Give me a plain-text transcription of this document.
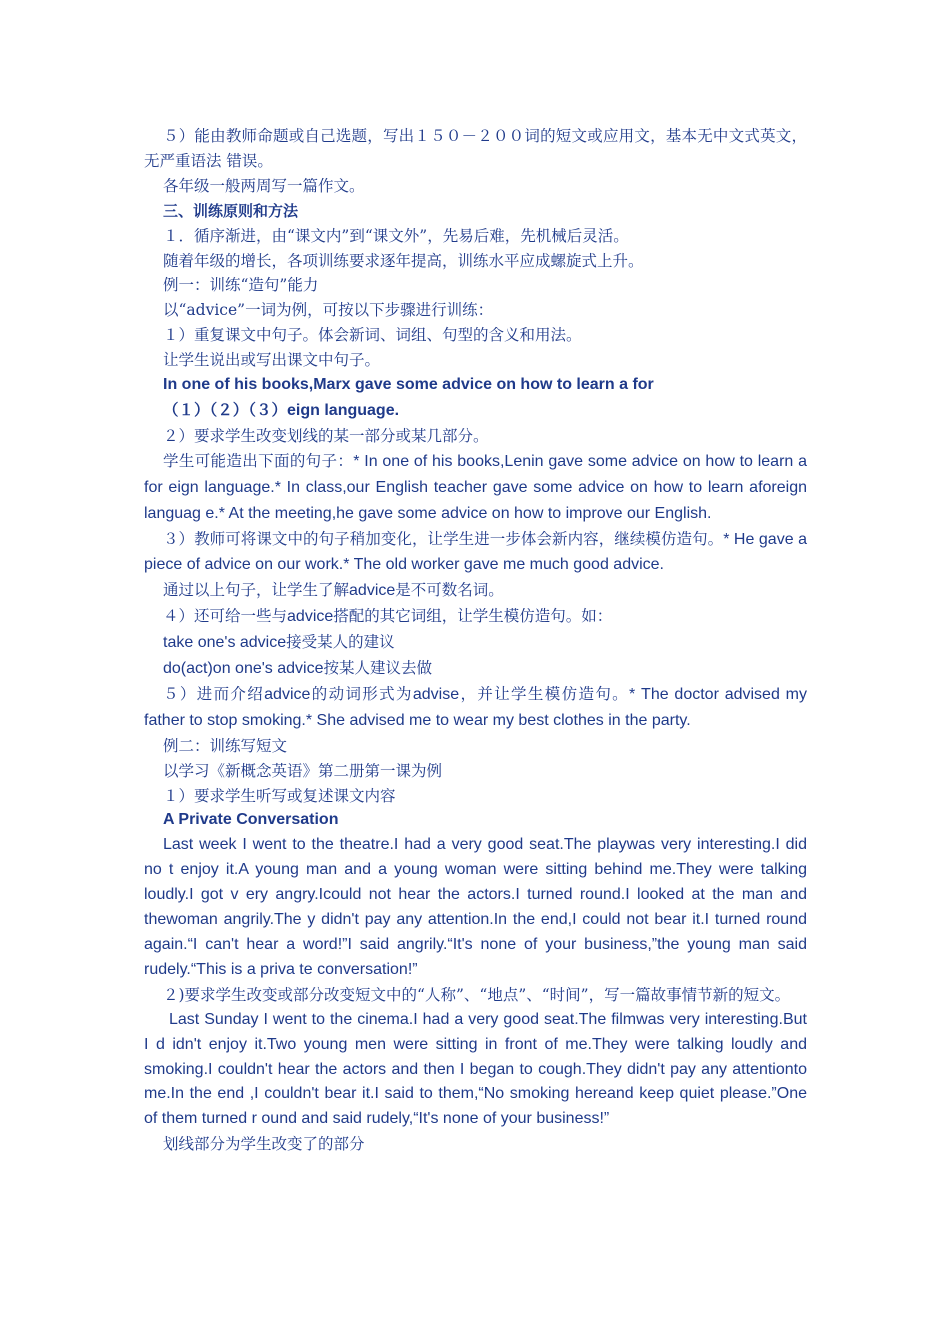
５）能由教师命题或自己选题，写出１５０－２００词的短文或应用文，基本无中文式英文，无严重语法 错误。
各年级一般两周写一篇作文。
三、训练原则和方法
１．循序渐进，由“课文内”到“课文外”，先易后难，先机械后灵活。
随着年级的增长，各项训练要求逐年提高，训练水平应成螺旋式上升。
例一：训练“造句”能力
以“advice”一词为例，可按以下步骤进行训练：
１）重复课文中句子。体会新词、词组、句型的含义和用法。
让学生说出或写出课文中句子。
In one of his books,Marx gave some advice on how to learn a for
（１）（２）（３）eign language.
２）要求学生改变划线的某一部分或某几部分。
学生可能造出下面的句子：* In one of his books,Lenin gave some advice on how to learn a for eign language.* In class,our English teacher gave some advice on how to learn aforeign languag e.* At the meeting,he gave some advice on how to improve our English.
３）教师可将课文中的句子稍加变化，让学生进一步体会新内容，继续模仿造句。* He gave a piece of advice on our work.* The old worker gave me much good advice.
通过以上句子，让学生了解advice是不可数名词。
４）还可给一些与advice搭配的其它词组，让学生模仿造句。如：
take one's advice接受某人的建议
do(act)on one's advice按某人建议去做
５）进而介绍advice的动词形式为advise，并让学生模仿造句。* The doctor advised my father to stop smoking.* She advised me to wear my best clothes in the party.
例二：训练写短文
以学习《新概念英语》第二册第一课为例
１）要求学生听写或复述课文内容
A Private Conversation
Last week I went to the theatre.I had a very good seat.The playwas very interesting.I did no t enjoy it.A young man and a young woman were sitting behind me.They were talking loudly.I got v ery angry.Icould not hear the actors.I turned round.I looked at the man and thewoman angrily.The y didn't pay any attention.In the end,I could not bear it.I turned round again.“I can't hear a word!”I said angrily.“It's none of your business,”the young man said rudely.“This is a priva te conversation!”
２)要求学生改变或部分改变短文中的“人称”、“地点”、“时间”，写一篇故事情节新的短文。
Last Sunday I went to the cinema.I had a very good seat.The filmwas very interesting.But I d idn't enjoy it.Two young men were sitting in front of me.They were talking loudly and smoking.I couldn't hear the actors and then I began to cough.They didn't pay any attentionto me.In the end ,I couldn't bear it.I said to them,“No smoking hereand keep quiet please.”One of them turned r ound and said rudely,“It's none of your business!”
划线部分为学生改变了的部分
